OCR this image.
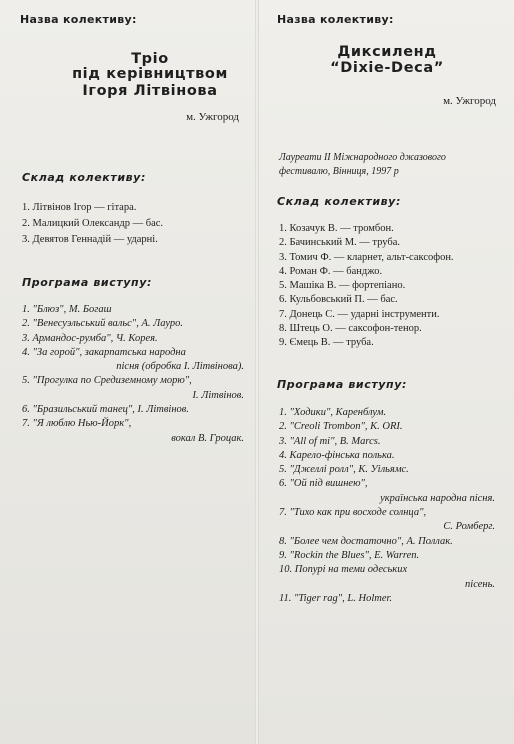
Назва колективу:
Тріо
під керівництвом
Ігоря Літвінова
м. Ужгород
Склад колективу:
1. Літвінов Ігор — гітара.
2. Малицкий Олександр — бас.
3. Девятов Геннадій — ударні.
Програма виступу:
1. "Блюз", М. Богаш
2. "Венесуэльський вальс", А. Лауро.
3. Армандос-румба", Ч. Корея.
4. "За горой", закарпатська народна
пісня (обробка І. Літвінова).
5. "Прогулка по Средиземному морю",
І. Літвінов.
6. "Бразильський танец", І. Літвінов.
7. "Я люблю Нью-Йорк",
вокал В. Гроцак.
Назва колективу:
Диксиленд
“Dixie-Deca”
м. Ужгород
Лауреати II Міжнародного джазового фестивалю, Вінниця, 1997 р
Склад колективу:
1. Козачук В. — тромбон.
2. Бачинський М. — труба.
3. Томич Ф. — кларнет, альт-саксофон.
4. Роман Ф. — банджо.
5. Машіка В. — фортепіано.
6. Кульбовський П. — бас.
7. Донець С. — ударні інструменти.
8. Штець О. — саксофон-тенор.
9. Ємець В. — труба.
Програма виступу:
1. "Ходики", Каренблум.
2. "Creoli Trombon", K. ORI.
3. "All of mi", B. Marcs.
4. Карело-фінська полька.
5. "Джеллі ролл", К. Уільямс.
6. "Ой під вишнею",
українська народна пісня.
7. "Тихо как при восходе солнца",
С. Ромберг.
8. "Более чем достаточно", А. Поллак.
9. "Rockin the Blues", E. Warren.
10. Попурі на теми одеських
пісень.
11. "Tiger rag", L. Holmer.
